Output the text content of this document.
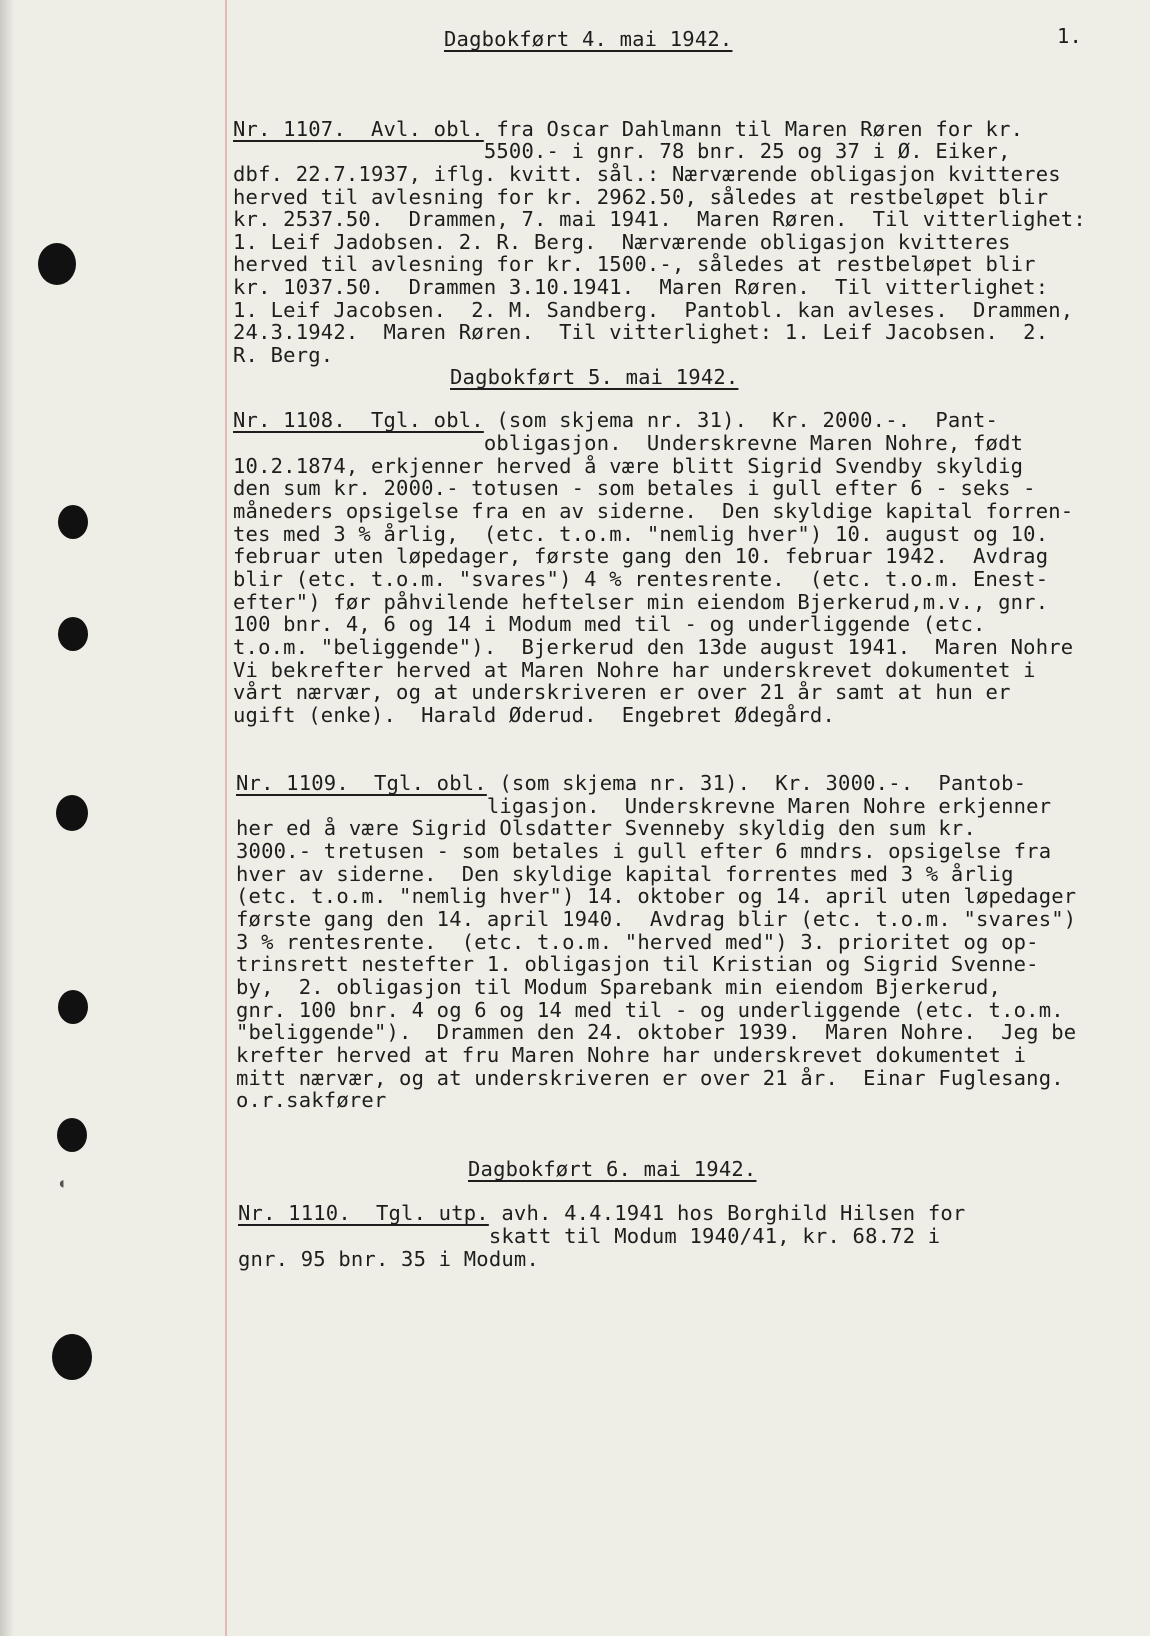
◖
Dagbokført 4. mai 1942.	1.
Nr. 1107.  Avl. obl. fra Oscar Dahlmann til Maren Røren for kr.
5500.- i gnr. 78 bnr. 25 og 37 i Ø. Eiker,
dbf. 22.7.1937, iflg. kvitt. sål.: Nærværende obligasjon kvitteres
herved til avlesning for kr. 2962.50, således at restbeløpet blir
kr. 2537.50.  Drammen, 7. mai 1941.  Maren Røren.  Til vitterlighet:
1. Leif Jadobsen. 2. R. Berg.  Nærværende obligasjon kvitteres
herved til avlesning for kr. 1500.-, således at restbeløpet blir
kr. 1037.50.  Drammen 3.10.1941.  Maren Røren.  Til vitterlighet:
1. Leif Jacobsen.  2. M. Sandberg.  Pantobl. kan avleses.  Drammen,
24.3.1942.  Maren Røren.  Til vitterlighet: 1. Leif Jacobsen.  2.
R. Berg.
Dagbokført 5. mai 1942.
Nr. 1108.  Tgl. obl. (som skjema nr. 31).  Kr. 2000.-.  Pant-
obligasjon.  Underskrevne Maren Nohre, født
10.2.1874, erkjenner herved å være blitt Sigrid Svendby skyldig
den sum kr. 2000.- totusen - som betales i gull efter 6 - seks -
måneders opsigelse fra en av siderne.  Den skyldige kapital forren-
tes med 3 % årlig,  (etc. t.o.m. "nemlig hver") 10. august og 10.
februar uten løpedager, første gang den 10. februar 1942.  Avdrag
blir (etc. t.o.m. "svares") 4 % rentesrente.  (etc. t.o.m. Enest-
efter") før påhvilende heftelser min eiendom Bjerkerud,m.v., gnr.
100 bnr. 4, 6 og 14 i Modum med til - og underliggende (etc.
t.o.m. "beliggende").  Bjerkerud den 13de august 1941.  Maren Nohre
Vi bekrefter herved at Maren Nohre har underskrevet dokumentet i
vårt nærvær, og at underskriveren er over 21 år samt at hun er
ugift (enke).  Harald Øderud.  Engebret Ødegård.
Nr. 1109.  Tgl. obl. (som skjema nr. 31).  Kr. 3000.-.  Pantob-
ligasjon.  Underskrevne Maren Nohre erkjenner
her ed å være Sigrid Olsdatter Svenneby skyldig den sum kr.
3000.- tretusen - som betales i gull efter 6 mndrs. opsigelse fra
hver av siderne.  Den skyldige kapital forrentes med 3 % årlig
(etc. t.o.m. "nemlig hver") 14. oktober og 14. april uten løpedager
første gang den 14. april 1940.  Avdrag blir (etc. t.o.m. "svares")
3 % rentesrente.  (etc. t.o.m. "herved med") 3. prioritet og op-
trinsrett nestefter 1. obligasjon til Kristian og Sigrid Svenne-
by,  2. obligasjon til Modum Sparebank min eiendom Bjerkerud,
gnr. 100 bnr. 4 og 6 og 14 med til - og underliggende (etc. t.o.m.
"beliggende").  Drammen den 24. oktober 1939.  Maren Nohre.  Jeg be
krefter herved at fru Maren Nohre har underskrevet dokumentet i
mitt nærvær, og at underskriveren er over 21 år.  Einar Fuglesang.
o.r.sakfører
Dagbokført 6. mai 1942.
Nr. 1110.  Tgl. utp. avh. 4.4.1941 hos Borghild Hilsen for
skatt til Modum 1940/41, kr. 68.72 i
gnr. 95 bnr. 35 i Modum.
